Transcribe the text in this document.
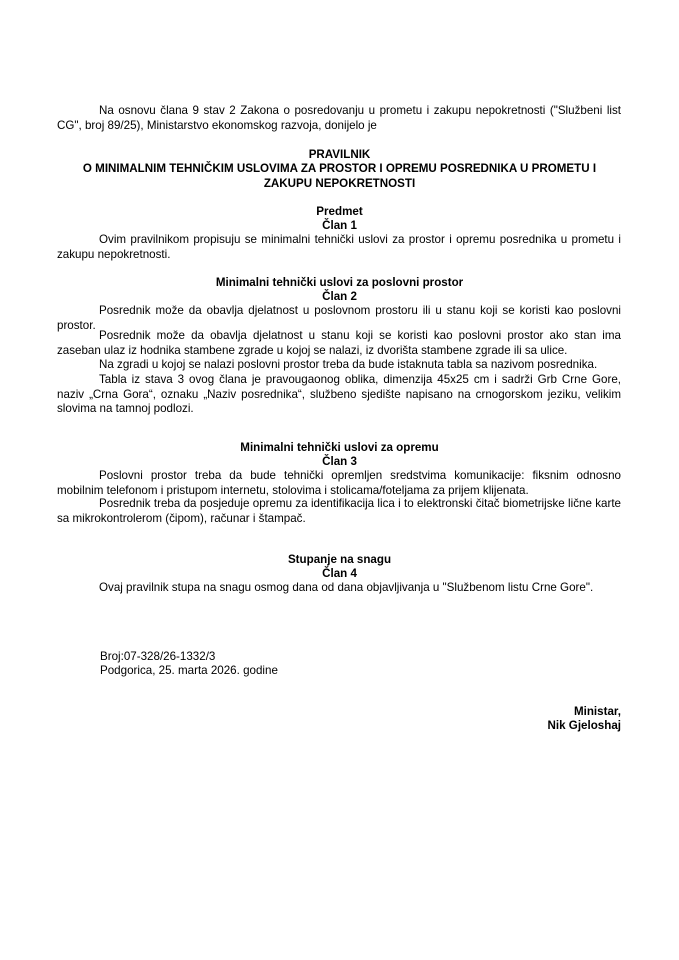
Na osnovu člana 9 stav 2 Zakona o posredovanju u prometu i zakupu nepokretnosti ("Službeni list CG", broj 89/25), Ministarstvo ekonomskog razvoja, donijelo je

PRAVILNIK

O MINIMALNIM TEHNIČKIM USLOVIMA ZA PROSTOR I OPREMU POSREDNIKA U PROMETU I

ZAKUPU NEPOKRETNOSTI

Predmet

Član 1

Ovim pravilnikom propisuju se minimalni tehnički uslovi za prostor i opremu posrednika u prometu i zakupu nepokretnosti.

Minimalni tehnički uslovi za poslovni prostor

Član 2

Posrednik može da obavlja djelatnost u poslovnom prostoru ili u stanu koji se koristi kao poslovni prostor.

Posrednik može da obavlja djelatnost u stanu koji se koristi kao poslovni prostor ako stan ima zaseban ulaz iz hodnika stambene zgrade u kojoj se nalazi, iz dvorišta stambene zgrade ili sa ulice.

Na zgradi u kojoj se nalazi poslovni prostor treba da bude istaknuta tabla sa nazivom posrednika.

Tabla iz stava 3 ovog člana je pravougaonog oblika, dimenzija 45x25 cm i sadrži Grb Crne Gore, naziv „Crna Gora“, oznaku „Naziv posrednika“, službeno sjedište napisano na crnogorskom jeziku, velikim slovima na tamnoj podlozi.

Minimalni tehnički uslovi za opremu

Član 3

Poslovni prostor treba da bude tehnički opremljen sredstvima komunikacije: fiksnim odnosno mobilnim telefonom i pristupom internetu, stolovima i stolicama/foteljama za prijem klijenata.

Posrednik treba da posjeduje opremu za identifikacija lica i to elektronski čitač biometrijske lične karte sa mikrokontrolerom (čipom), računar i štampač.

Stupanje na snagu

Član 4

Ovaj pravilnik stupa na snagu osmog dana od dana objavljivanja u "Službenom listu Crne Gore".

Broj:07-328/26-1332/3

Podgorica, 25. marta 2026. godine

Ministar,

Nik Gjeloshaj
